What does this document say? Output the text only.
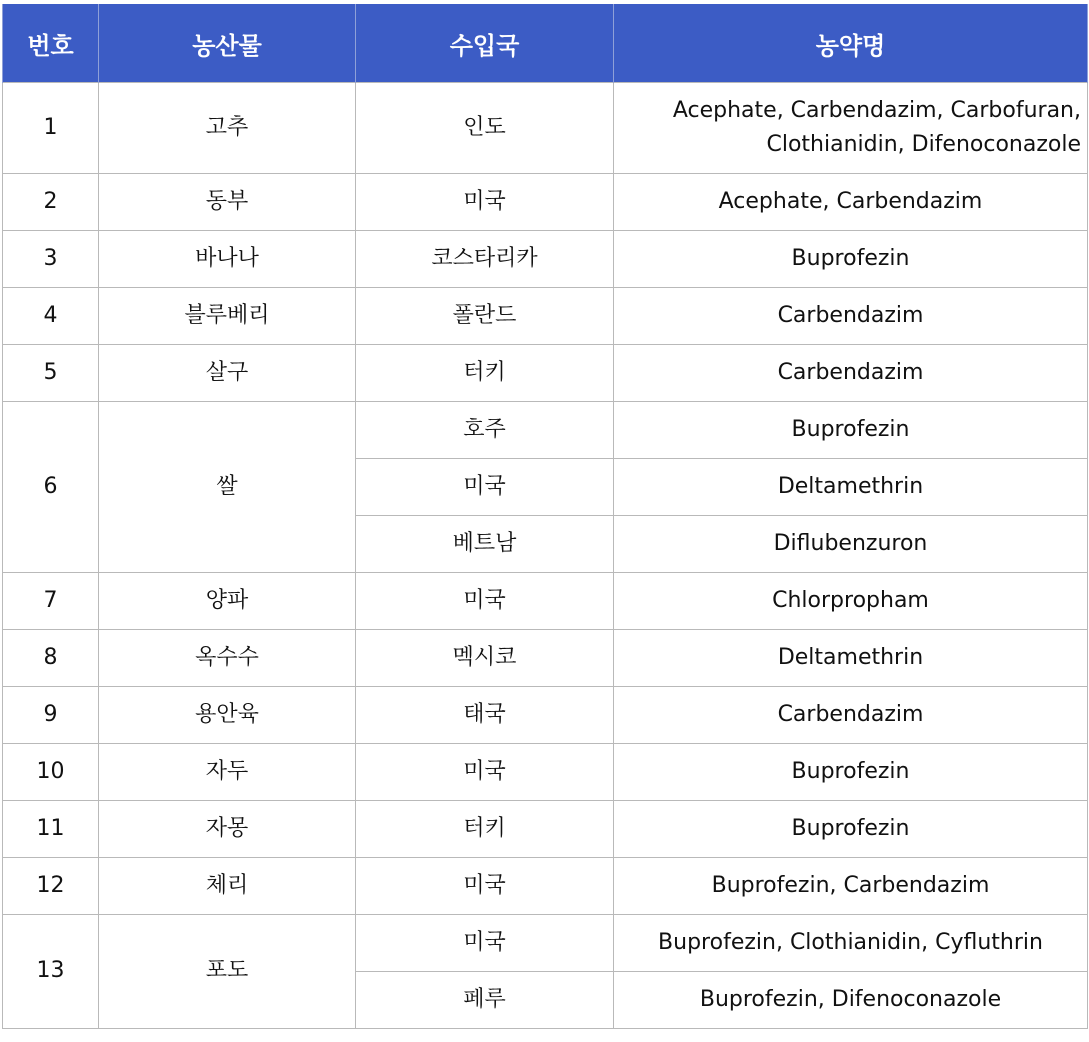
번호	농산물	수입국	농약명
1	고추	인도	Acephate, Carbendazim, Carbofuran,
Clothianidin, Difenoconazole
2	동부	미국	Acephate, Carbendazim
3	바나나	코스타리카	Buprofezin
4	블루베리	폴란드	Carbendazim
5	살구	터키	Carbendazim
6	쌀	호주	Buprofezin
		미국	Deltamethrin
		베트남	Diflubenzuron
7	양파	미국	Chlorpropham
8	옥수수	멕시코	Deltamethrin
9	용안육	태국	Carbendazim
10	자두	미국	Buprofezin
11	자몽	터키	Buprofezin
12	체리	미국	Buprofezin, Carbendazim
13	포도	미국	Buprofezin, Clothianidin, Cyfluthrin
		페루	Buprofezin, Difenoconazole
